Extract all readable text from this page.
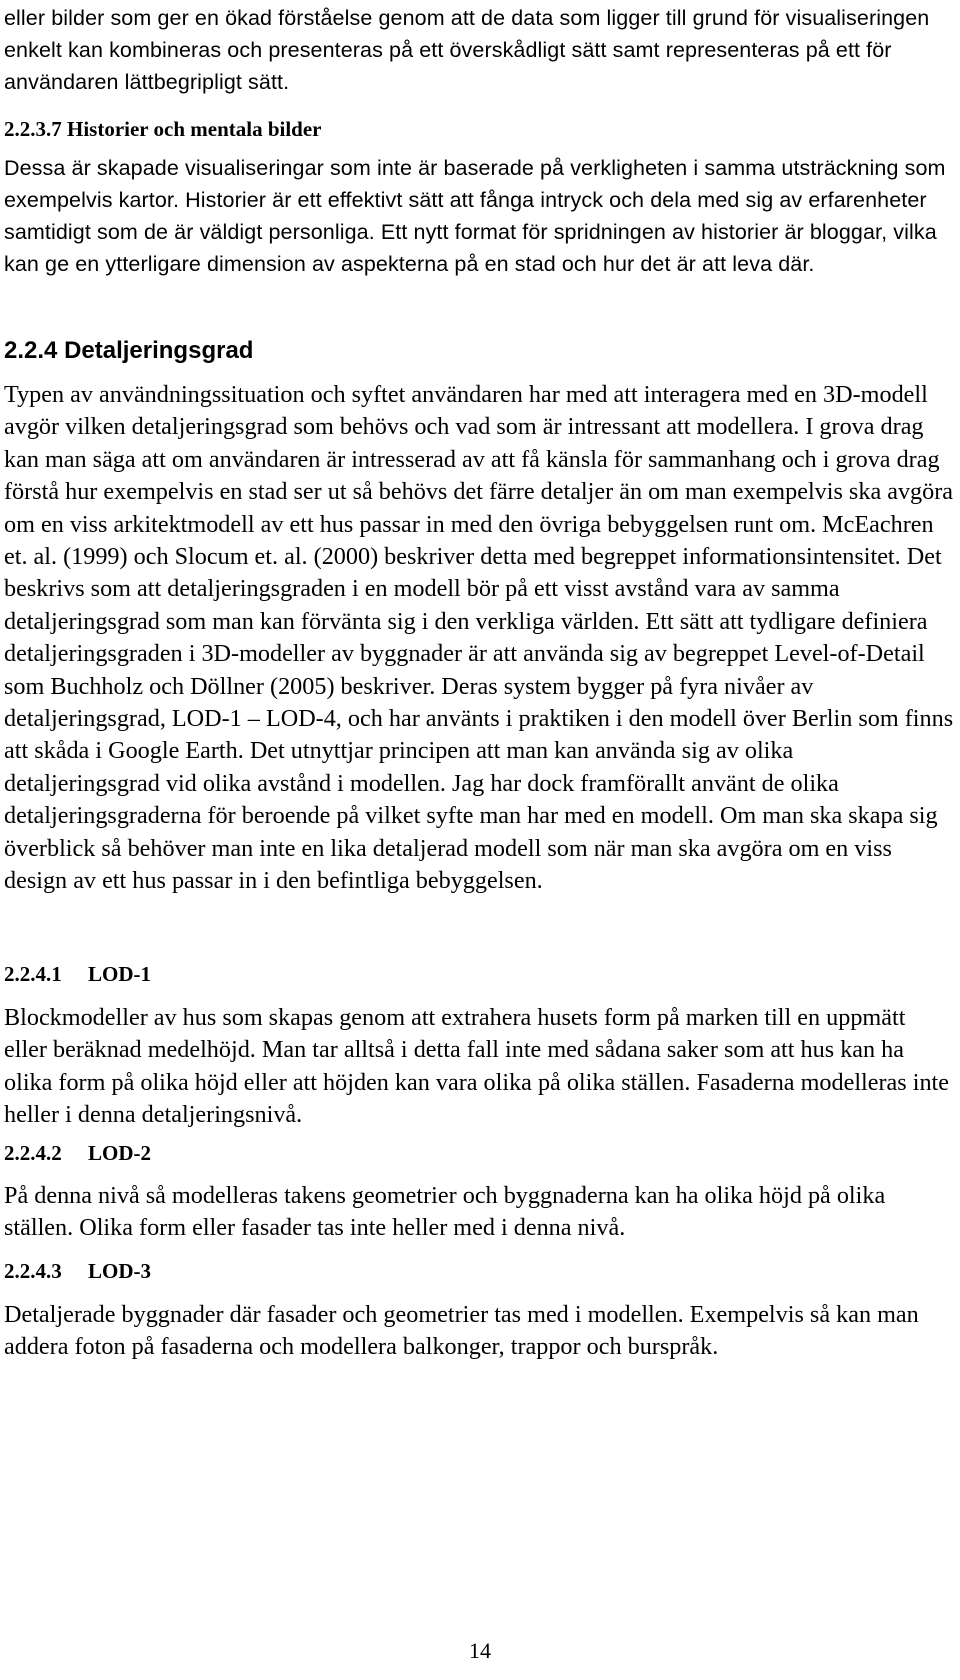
eller bilder som ger en ökad förståelse genom att de data som ligger till grund för visualiseringen enkelt kan kombineras och presenteras på ett överskådligt sätt samt representeras på ett för användaren lättbegripligt sätt.

2.2.3.7 Historier och mentala bilder

Dessa är skapade visualiseringar som inte är baserade på verkligheten i samma utsträckning som exempelvis kartor. Historier är ett effektivt sätt att fånga intryck och dela med sig av erfarenheter samtidigt som de är väldigt personliga. Ett nytt format för spridningen av historier är bloggar, vilka kan ge en ytterligare dimension av aspekterna på en stad och hur det är att leva där.

2.2.4 Detaljeringsgrad

Typen av användningssituation och syftet användaren har med att interagera med en 3D-modell avgör vilken detaljeringsgrad som behövs och vad som är intressant att modellera. I grova drag kan man säga att om användaren är intresserad av att få känsla för sammanhang och i grova drag förstå hur exempelvis en stad ser ut så behövs det färre detaljer än om man exempelvis ska avgöra om en viss arkitektmodell av ett hus passar in med den övriga bebyggelsen runt om. McEachren et. al. (1999) och Slocum et. al. (2000) beskriver detta med begreppet informationsintensitet. Det beskrivs som att detaljeringsgraden i en modell bör på ett visst avstånd vara av samma detaljeringsgrad som man kan förvänta sig i den verkliga världen. Ett sätt att tydligare definiera detaljeringsgraden i 3D-modeller av byggnader är att använda sig av begreppet Level-of-Detail som Buchholz och Döllner (2005) beskriver. Deras system bygger på fyra nivåer av detaljeringsgrad, LOD-1 – LOD-4, och har använts i praktiken i den modell över Berlin som finns att skåda i Google Earth. Det utnyttjar principen att man kan använda sig av olika detaljeringsgrad vid olika avstånd i modellen. Jag har dock framförallt använt de olika detaljeringsgraderna för beroende på vilket syfte man har med en modell. Om man ska skapa sig överblick så behöver man inte en lika detaljerad modell som när man ska avgöra om en viss design av ett hus passar in i den befintliga bebyggelsen.

2.2.4.1 LOD-1

Blockmodeller av hus som skapas genom att extrahera husets form på marken till en uppmätt eller beräknad medelhöjd. Man tar alltså i detta fall inte med sådana saker som att hus kan ha olika form på olika höjd eller att höjden kan vara olika på olika ställen. Fasaderna modelleras inte heller i denna detaljeringsnivå.

2.2.4.2 LOD-2

På denna nivå så modelleras takens geometrier och byggnaderna kan ha olika höjd på olika ställen. Olika form eller fasader tas inte heller med i denna nivå.

2.2.4.3 LOD-3

Detaljerade byggnader där fasader och geometrier tas med i modellen. Exempelvis så kan man addera foton på fasaderna och modellera balkonger, trappor och burspråk.

14
